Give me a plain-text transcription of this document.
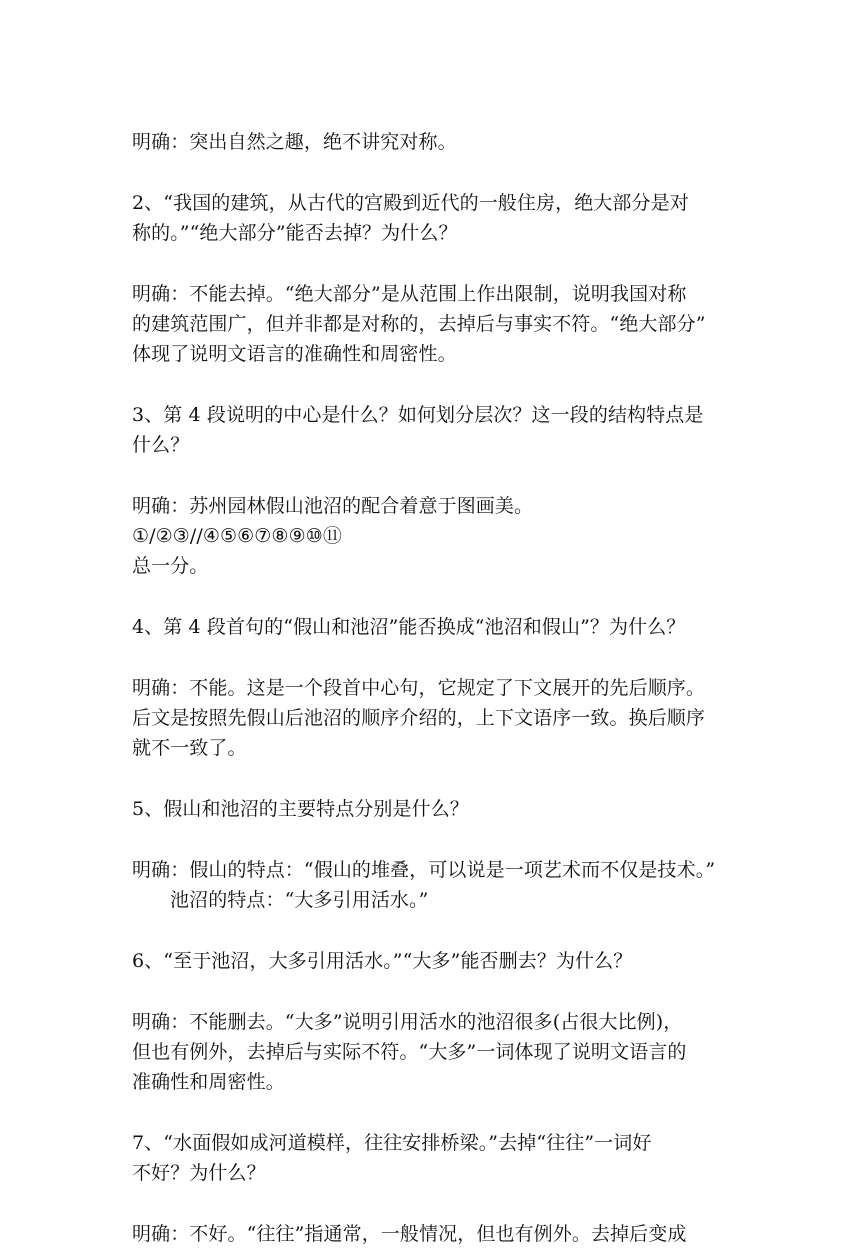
明确：突出自然之趣，绝不讲究对称。

2、“我国的建筑，从古代的宫殿到近代的一般住房，绝大部分是对
称的。”“绝大部分”能否去掉？为什么？

明确：不能去掉。“绝大部分”是从范围上作出限制，说明我国对称
的建筑范围广，但并非都是对称的，去掉后与事实不符。“绝大部分”
体现了说明文语言的准确性和周密性。

3、第 4 段说明的中心是什么？如何划分层次？这一段的结构特点是
什么？

明确：苏州园林假山池沼的配合着意于图画美。
①/②③//④⑤⑥⑦⑧⑨⑩⑪
总一分。

4、第 4 段首句的“假山和池沼”能否换成“池沼和假山”？为什么？

明确：不能。这是一个段首中心句，它规定了下文展开的先后顺序。
后文是按照先假山后池沼的顺序介绍的，上下文语序一致。换后顺序
就不一致了。

5、假山和池沼的主要特点分别是什么？

明确：假山的特点：“假山的堆叠，可以说是一项艺术而不仅是技术。”
池沼的特点：“大多引用活水。”

6、“至于池沼，大多引用活水。”“大多”能否删去？为什么？

明确：不能删去。“大多”说明引用活水的池沼很多(占很大比例)，
但也有例外，去掉后与实际不符。“大多”一词体现了说明文语言的
准确性和周密性。

7、“水面假如成河道模样，往往安排桥梁。”去掉“往往”一词好
不好？为什么？

明确：不好。“往往”指通常，一般情况，但也有例外。去掉后变成
